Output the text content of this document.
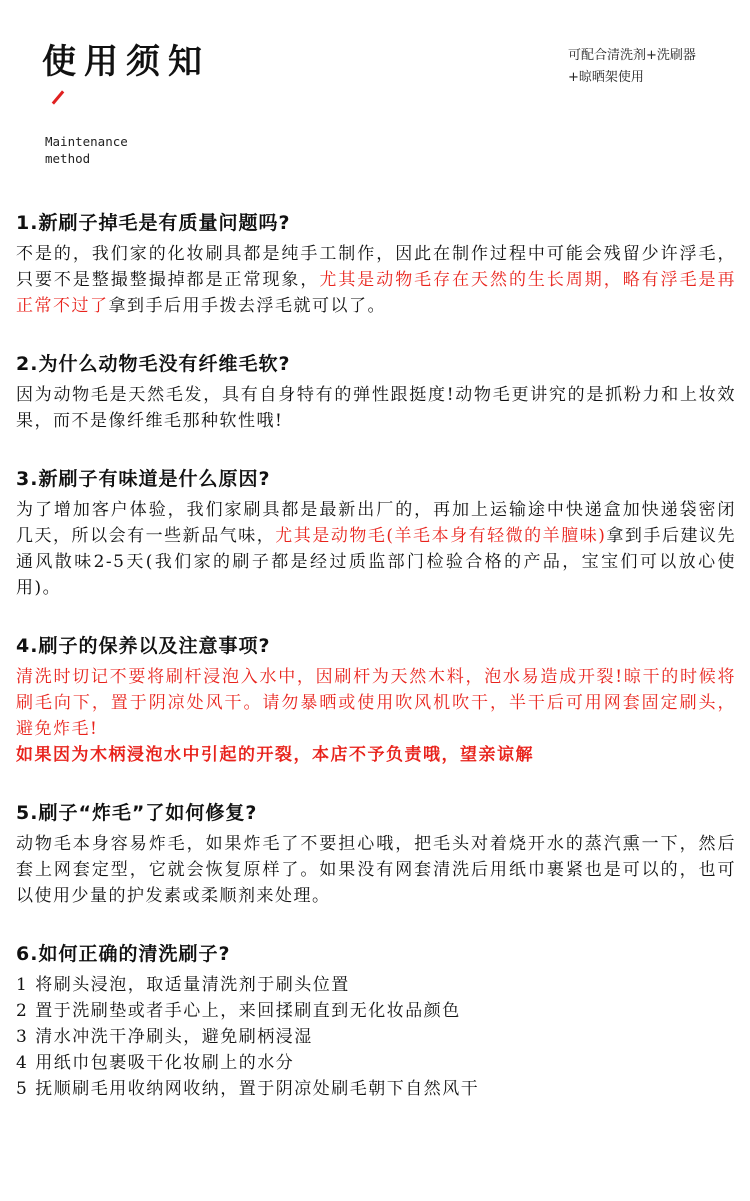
使用须知
Maintenance
method
可配合清洗剂+洗刷器
+晾晒架使用
1.新刷子掉毛是有质量问题吗?

不是的，我们家的化妆刷具都是纯手工制作，因此在制作过程中可能会残留少许浮毛，只要不是整撮整撮掉都是正常现象，尤其是动物毛存在天然的生长周期，略有浮毛是再正常不过了拿到手后用手拨去浮毛就可以了。

2.为什么动物毛没有纤维毛软?

因为动物毛是天然毛发，具有自身特有的弹性跟挺度!动物毛更讲究的是抓粉力和上妆效果，而不是像纤维毛那种软性哦!

3.新刷子有味道是什么原因?

为了增加客户体验，我们家刷具都是最新出厂的，再加上运输途中快递盒加快递袋密闭几天，所以会有一些新品气味，尤其是动物毛(羊毛本身有轻微的羊膻味)拿到手后建议先通风散味2-5天(我们家的刷子都是经过质监部门检验合格的产品，宝宝们可以放心使用)。

4.刷子的保养以及注意事项?

清洗时切记不要将刷杆浸泡入水中，因刷杆为天然木料，泡水易造成开裂!晾干的时候将刷毛向下，置于阴凉处风干。请勿暴晒或使用吹风机吹干，半干后可用网套固定刷头，避免炸毛!

如果因为木柄浸泡水中引起的开裂，本店不予负责哦，望亲谅解

5.刷子“炸毛”了如何修复?

动物毛本身容易炸毛，如果炸毛了不要担心哦，把毛头对着烧开水的蒸汽熏一下，然后套上网套定型，它就会恢复原样了。如果没有网套清洗后用纸巾裹紧也是可以的，也可以使用少量的护发素或柔顺剂来处理。

6.如何正确的清洗刷子?

1 将刷头浸泡，取适量清洗剂于刷头位置

2 置于洗刷垫或者手心上，来回揉刷直到无化妆品颜色

3 清水冲洗干净刷头，避免刷柄浸湿

4 用纸巾包裹吸干化妆刷上的水分

5 抚顺刷毛用收纳网收纳，置于阴凉处刷毛朝下自然风干
